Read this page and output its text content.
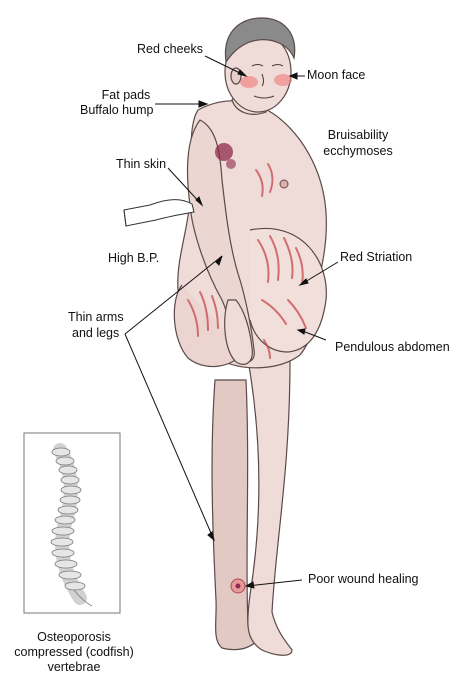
Red cheeks
Moon face
Fat pads
Buffalo hump
Bruisability
ecchymoses
Thin skin
High B.P.	Red Striation
Thin arms
and legs
Pendulous abdomen
Poor wound healing
Osteoporosis
compressed (codfish)
vertebrae
